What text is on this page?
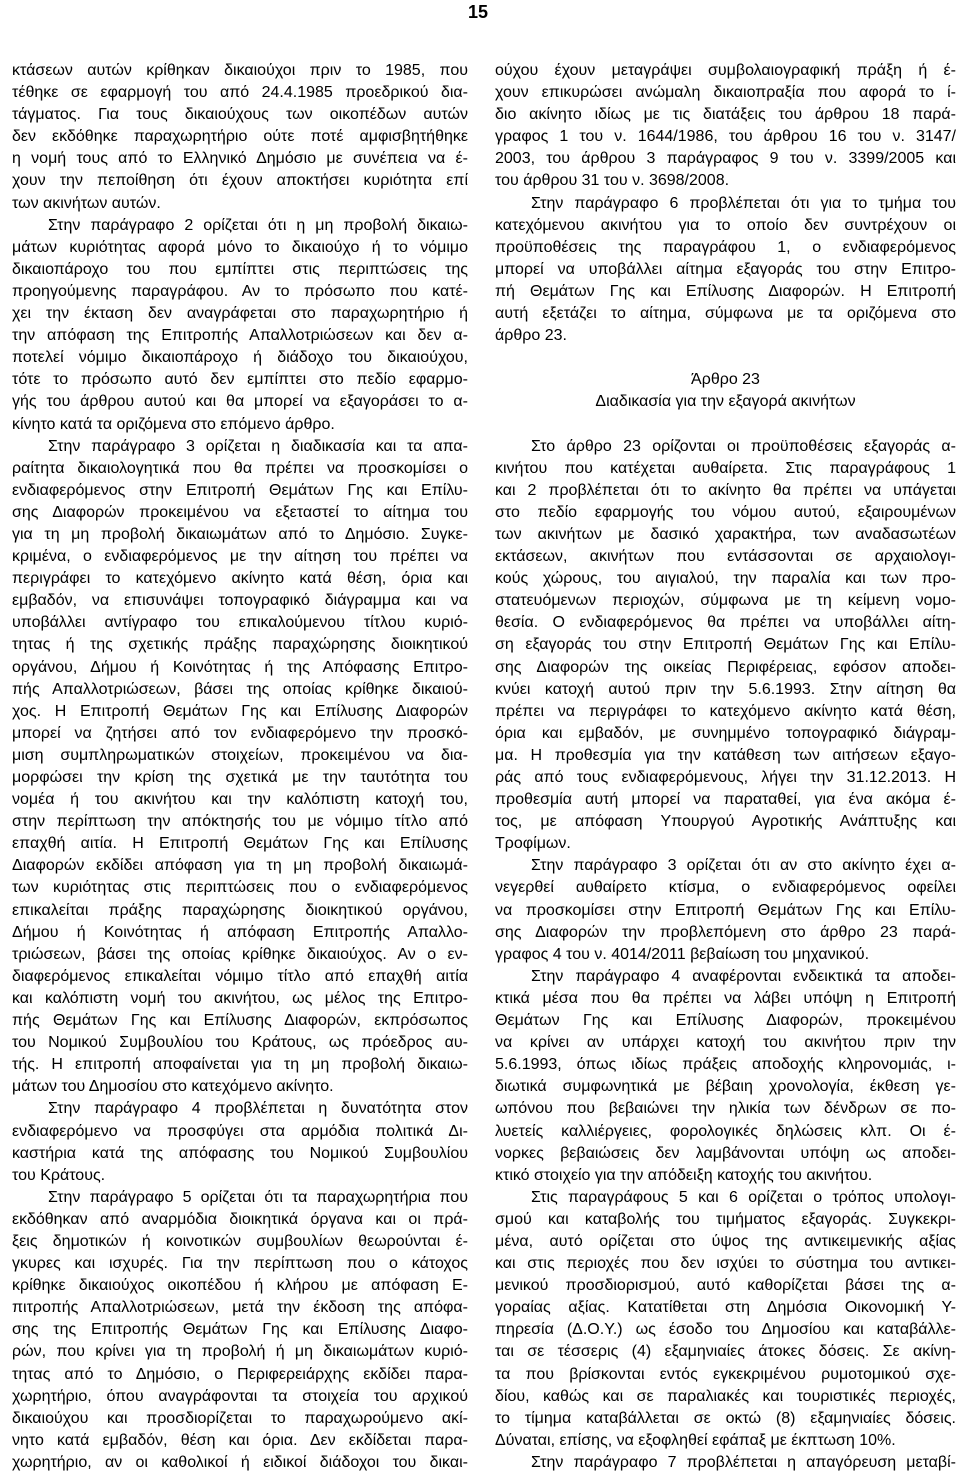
15
κτάσεων αυτών κρίθηκαν δικαιούχοι πριν το 1985, που
τέθηκε σε εφαρμογή του από 24.4.1985 προεδρικού δια-
τάγματος. Για τους δικαιούχους των οικοπέδων αυτών
δεν εκδόθηκε παραχωρητήριο ούτε ποτέ αμφισβητήθηκε
η νομή τους από το Ελληνικό Δημόσιο με συνέπεια να έ-
χουν την πεποίθηση ότι έχουν αποκτήσει κυριότητα επί
των ακινήτων αυτών.
Στην παράγραφο 2 ορίζεται ότι η μη προβολή δικαιω-
μάτων κυριότητας αφορά μόνο το δικαιούχο ή το νόμιμο
δικαιοπάροχο του που εμπίπτει στις περιπτώσεις της
προηγούμενης παραγράφου. Αν το πρόσωπο που κατέ-
χει την έκταση δεν αναγράφεται στο παραχωρητήριο ή
την απόφαση της Επιτροπής Απαλλοτριώσεων και δεν α-
ποτελεί νόμιμο δικαιοπάροχο ή διάδοχο του δικαιούχου,
τότε το πρόσωπο αυτό δεν εμπίπτει στο πεδίο εφαρμο-
γής του άρθρου αυτού και θα μπορεί να εξαγοράσει το α-
κίνητο κατά τα οριζόμενα στο επόμενο άρθρο.
Στην παράγραφο 3 ορίζεται η διαδικασία και τα απα-
ραίτητα δικαιολογητικά που θα πρέπει να προσκομίσει ο
ενδιαφερόμενος στην Επιτροπή Θεμάτων Γης και Επίλυ-
σης Διαφορών προκειμένου να εξεταστεί το αίτημα του
για τη μη προβολή δικαιωμάτων από το Δημόσιο. Συγκε-
κριμένα, ο ενδιαφερόμενος με την αίτηση του πρέπει να
περιγράφει το κατεχόμενο ακίνητο κατά θέση, όρια και
εμβαδόν, να επισυνάψει τοπογραφικό διάγραμμα και να
υποβάλλει αντίγραφο του επικαλούμενου τίτλου κυριό-
τητας ή της σχετικής πράξης παραχώρησης διοικητικού
οργάνου, Δήμου ή Κοινότητας ή της Απόφασης Επιτρο-
πής Απαλλοτριώσεων, βάσει της οποίας κρίθηκε δικαιού-
χος. Η Επιτροπή Θεμάτων Γης και Επίλυσης Διαφορών
μπορεί να ζητήσει από τον ενδιαφερόμενο την προσκό-
μιση συμπληρωματικών στοιχείων, προκειμένου να δια-
μορφώσει την κρίση της σχετικά με την ταυτότητα του
νομέα ή του ακινήτου και την καλόπιστη κατοχή του,
στην περίπτωση την απόκτησής του με νόμιμο τίτλο από
επαχθή αιτία. Η Επιτροπή Θεμάτων Γης και Επίλυσης
Διαφορών εκδίδει απόφαση για τη μη προβολή δικαιωμά-
των κυριότητας στις περιπτώσεις που ο ενδιαφερόμενος
επικαλείται πράξης παραχώρησης διοικητικού οργάνου,
Δήμου ή Κοινότητας ή απόφαση Επιτροπής Απαλλο-
τριώσεων, βάσει της οποίας κρίθηκε δικαιούχος. Αν ο εν-
διαφερόμενος επικαλείται νόμιμο τίτλο από επαχθή αιτία
και καλόπιστη νομή του ακινήτου, ως μέλος της Επιτρο-
πής Θεμάτων Γης και Επίλυσης Διαφορών, εκπρόσωπος
του Νομικού Συμβουλίου του Κράτους, ως πρόεδρος αυ-
τής. Η επιτροπή αποφαίνεται για τη μη προβολή δικαιω-
μάτων του Δημοσίου στο κατεχόμενο ακίνητο.
Στην παράγραφο 4 προβλέπεται η δυνατότητα στον
ενδιαφερόμενο να προσφύγει στα αρμόδια πολιτικά Δι-
καστήρια κατά της απόφασης του Νομικού Συμβουλίου
του Κράτους.
Στην παράγραφο 5 ορίζεται ότι τα παραχωρητήρια που
εκδόθηκαν από αναρμόδια διοικητικά όργανα και οι πρά-
ξεις δημοτικών ή κοινοτικών συμβουλίων θεωρούνται έ-
γκυρες και ισχυρές. Για την περίπτωση που ο κάτοχος
κρίθηκε δικαιούχος οικοπέδου ή κλήρου με απόφαση Ε-
πιτροπής Απαλλοτριώσεων, μετά την έκδοση της απόφα-
σης της Επιτροπής Θεμάτων Γης και Επίλυσης Διαφο-
ρών, που κρίνει για τη προβολή ή μη δικαιωμάτων κυριό-
τητας από το Δημόσιο, ο Περιφερειάρχης εκδίδει παρα-
χωρητήριο, όπου αναγράφονται τα στοιχεία του αρχικού
δικαιούχου και προσδιορίζεται το παραχωρούμενο ακί-
νητο κατά εμβαδόν, θέση και όρια. Δεν εκδίδεται παρα-
χωρητήριο, αν οι καθολικοί ή ειδικοί διάδοχοι του δικαι-
ούχου έχουν μεταγράψει συμβολαιογραφική πράξη ή έ-
χουν επικυρώσει ανώμαλη δικαιοπραξία που αφορά το ί-
διο ακίνητο ιδίως με τις διατάξεις του άρθρου 18 παρά-
γραφος 1 του ν. 1644/1986, του άρθρου 16 του ν. 3147/
2003, του άρθρου 3 παράγραφος 9 του ν. 3399/2005 και
του άρθρου 31 του ν. 3698/2008.
Στην παράγραφο 6 προβλέπεται ότι για το τμήμα του
κατεχόμενου ακινήτου για το οποίο δεν συντρέχουν οι
προϋποθέσεις της παραγράφου 1, ο ενδιαφερόμενος
μπορεί να υποβάλλει αίτημα εξαγοράς του στην Επιτρο-
πή Θεμάτων Γης και Επίλυσης Διαφορών. Η Επιτροπή
αυτή εξετάζει το αίτημα, σύμφωνα με τα οριζόμενα στο
άρθρο 23.
Άρθρο 23
Διαδικασία για την εξαγορά ακινήτων
Στο άρθρο 23 ορίζονται οι προϋποθέσεις εξαγοράς α-
κινήτου που κατέχεται αυθαίρετα. Στις παραγράφους 1
και 2 προβλέπεται ότι το ακίνητο θα πρέπει να υπάγεται
στο πεδίο εφαρμογής του νόμου αυτού, εξαιρουμένων
των ακινήτων με δασικό χαρακτήρα, των αναδασωτέων
εκτάσεων, ακινήτων που εντάσσονται σε αρχαιολογι-
κούς χώρους, του αιγιαλού, την παραλία και των προ-
στατευόμενων περιοχών, σύμφωνα με τη κείμενη νομο-
θεσία. Ο ενδιαφερόμενος θα πρέπει να υποβάλλει αίτη-
ση εξαγοράς του στην Επιτροπή Θεμάτων Γης και Επίλυ-
σης Διαφορών της οικείας Περιφέρειας, εφόσον αποδει-
κνύει κατοχή αυτού πριν την 5.6.1993. Στην αίτηση θα
πρέπει να περιγράφει το κατεχόμενο ακίνητο κατά θέση,
όρια και εμβαδόν, με συνημμένο τοπογραφικό διάγραμ-
μα. Η προθεσμία για την κατάθεση των αιτήσεων εξαγο-
ράς από τους ενδιαφερόμενους, λήγει την 31.12.2013. Η
προθεσμία αυτή μπορεί να παραταθεί, για ένα ακόμα έ-
τος, με απόφαση Υπουργού Αγροτικής Ανάπτυξης και
Τροφίμων.
Στην παράγραφο 3 ορίζεται ότι αν στο ακίνητο έχει α-
νεγερθεί αυθαίρετο κτίσμα, ο ενδιαφερόμενος οφείλει
να προσκομίσει στην Επιτροπή Θεμάτων Γης και Επίλυ-
σης Διαφορών την προβλεπόμενη στο άρθρο 23 παρά-
γραφος 4 του ν. 4014/2011 βεβαίωση του μηχανικού.
Στην παράγραφο 4 αναφέρονται ενδεικτικά τα αποδει-
κτικά μέσα που θα πρέπει να λάβει υπόψη η Επιτροπή
Θεμάτων Γης και Επίλυσης Διαφορών, προκειμένου
να κρίνει αν υπάρχει κατοχή του ακινήτου πριν την
5.6.1993, όπως ιδίως πράξεις αποδοχής κληρονομιάς, ι-
διωτικά συμφωνητικά με βέβαιη χρονολογία, έκθεση γε-
ωπόνου που βεβαιώνει την ηλικία των δένδρων σε πο-
λυετείς καλλιέργειες, φορολογικές δηλώσεις κλπ. Οι έ-
νορκες βεβαιώσεις δεν λαμβάνονται υπόψη ως αποδει-
κτικό στοιχείο για την απόδειξη κατοχής του ακινήτου.
Στις παραγράφους 5 και 6 ορίζεται ο τρόπος υπολογι-
σμού και καταβολής του τιμήματος εξαγοράς. Συγκεκρι-
μένα, αυτό ορίζεται στο ύψος της αντικειμενικής αξίας
και στις περιοχές που δεν ισχύει το σύστημα του αντικει-
μενικού προσδιορισμού, αυτό καθορίζεται βάσει της α-
γοραίας αξίας. Κατατίθεται στη Δημόσια Οικονομική Υ-
πηρεσία (Δ.Ο.Υ.) ως έσοδο του Δημοσίου και καταβάλλε-
ται σε τέσσερις (4) εξαμηνιαίες άτοκες δόσεις. Σε ακίνη-
τα που βρίσκονται εντός εγκεκριμένου ρυμοτομικού σχε-
δίου, καθώς και σε παραλιακές και τουριστικές περιοχές,
το τίμημα καταβάλλεται σε οκτώ (8) εξαμηνιαίες δόσεις.
Δύναται, επίσης, να εξοφληθεί εφάπαξ με έκπτωση 10%.
Στην παράγραφο 7 προβλέπεται η απαγόρευση μεταβί-
